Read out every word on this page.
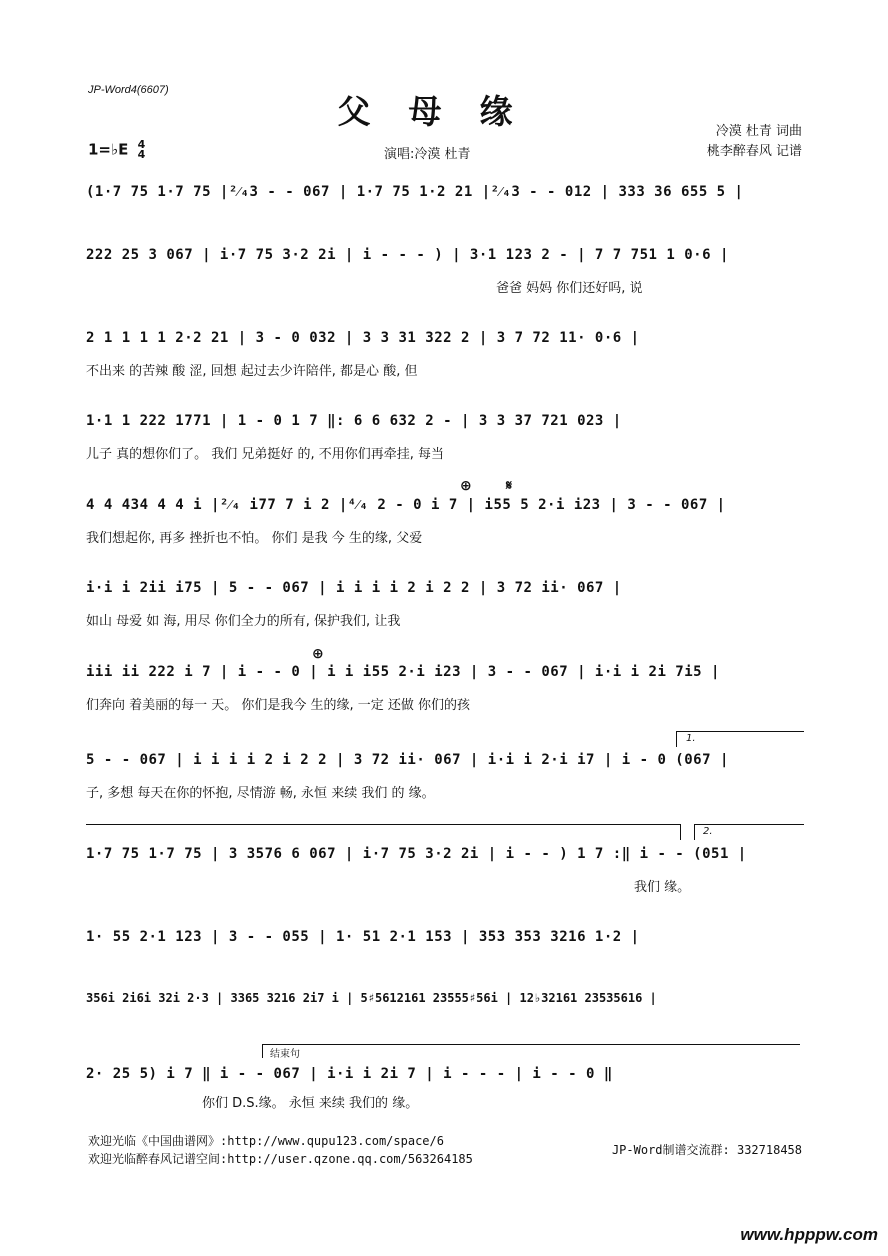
JP-Word4(6607)
父母缘
冷漠 杜青 词曲
桃李醉春风 记谱
演唱:冷漠 杜青
1=♭E 4
4
(1·7 75 1·7 75 |²⁄₄3 - - 067 | 1·7 75 1·2 21 |²⁄₄3 - - 012 | 333 36 655 5 |
222 25 3 067 | i·7 75 3·2 2i | i - - - ) | 3·1 123 2 - | 7 7 751 1 0·6 |
爸爸 妈妈 你们还好吗, 说
2 1 1 1 1 2·2 21 | 3 - 0 032 | 3 3 31 322 2 | 3 7 72 11· 0·6 |
不出来 的苦辣 酸 涩, 回想 起过去少许陪伴, 都是心 酸, 但
1·1 1 222 1771 | 1 - 0 1 7 ‖: 6 6 632 2 - | 3 3 37 721 023 |
儿子 真的想你们了。 我们 兄弟挺好 的, 不用你们再牵挂, 每当
⊕ 𝄋
4 4 434 4 4 i |²⁄₄ i77 7 i 2 |⁴⁄₄ 2 - 0 i 7 | i55 5 2·i i23 | 3 - - 067 |
我们想起你, 再多 挫折也不怕。 你们 是我 今 生的缘, 父爱
i·i i 2ii i75 | 5 - - 067 | i i i i 2 i 2 2 | 3 72 ii· 067 |
如山 母爱 如 海, 用尽 你们全力的所有, 保护我们, 让我
⊕
iii ii 222 i 7 | i - - 0 | i i i55 2·i i23 | 3 - - 067 | i·i i 2i 7i5 |
们奔向 着美丽的每一 天。 你们是我今 生的缘, 一定 还做 你们的孩
1.
5 - - 067 | i i i i 2 i 2 2 | 3 72 ii· 067 | i·i i 2·i i7 | i - 0 (067 |
子, 多想 每天在你的怀抱, 尽情游 畅, 永恒 来续 我们 的 缘。
2.
1·7 75 1·7 75 | 3 3576 6 067 | i·7 75 3·2 2i | i - - ) 1 7 :‖ i - - (051 |
我们 缘。
1· 55 2·1 123 | 3 - - 055 | 1· 51 2·1 153 | 353 353 3216 1·2 |
356i 2i6i 32i 2·3 | 3365 3216 2i7 i | 5♯5612161 23555♯56i | 12♭32161 23535616 |
结束句
2· 25 5) i 7 ‖ i - - 067 | i·i i 2i 7 | i - - - | i - - 0 ‖
你们 D.S.缘。 永恒 来续 我们的 缘。
欢迎光临《中国曲谱网》:http://www.qupu123.com/space/6
欢迎光临醉春风记谱空间:http://user.qzone.qq.com/563264185
JP-Word制谱交流群: 332718458
www.hpppw.com
